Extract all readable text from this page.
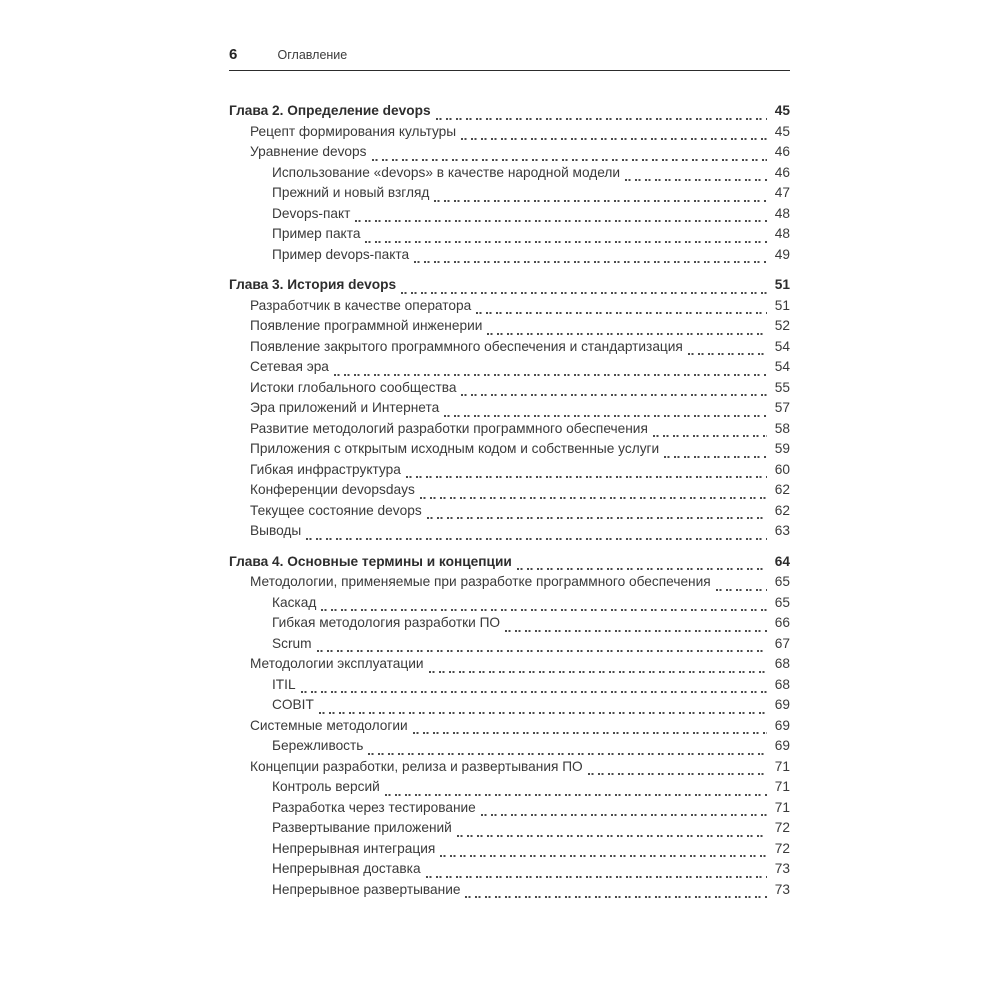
6	Оглавление
Глава 2. Определение devops	45
Рецепт формирования культуры	45
Уравнение devops	46
Использование «devops» в качестве народной модели	46
Прежний и новый взгляд	47
Devops-пакт	48
Пример пакта	48
Пример devops-пакта	49
Глава 3. История devops	51
Разработчик в качестве оператора	51
Появление программной инженерии	52
Появление закрытого программного обеспечения и стандартизация	54
Сетевая эра	54
Истоки глобального сообщества	55
Эра приложений и Интернета	57
Развитие методологий разработки программного обеспечения	58
Приложения с открытым исходным кодом и собственные услуги	59
Гибкая инфраструктура	60
Конференции devopsdays	62
Текущее состояние devops	62
Выводы	63
Глава 4. Основные термины и концепции	64
Методологии, применяемые при разработке программного обеспечения	65
Каскад	65
Гибкая методология разработки ПО	66
Scrum	67
Методологии эксплуатации	68
ITIL	68
COBIT	69
Системные методологии	69
Бережливость	69
Концепции разработки, релиза и развертывания ПО	71
Контроль версий	71
Разработка через тестирование	71
Развертывание приложений	72
Непрерывная интеграция	72
Непрерывная доставка	73
Непрерывное развертывание	73
